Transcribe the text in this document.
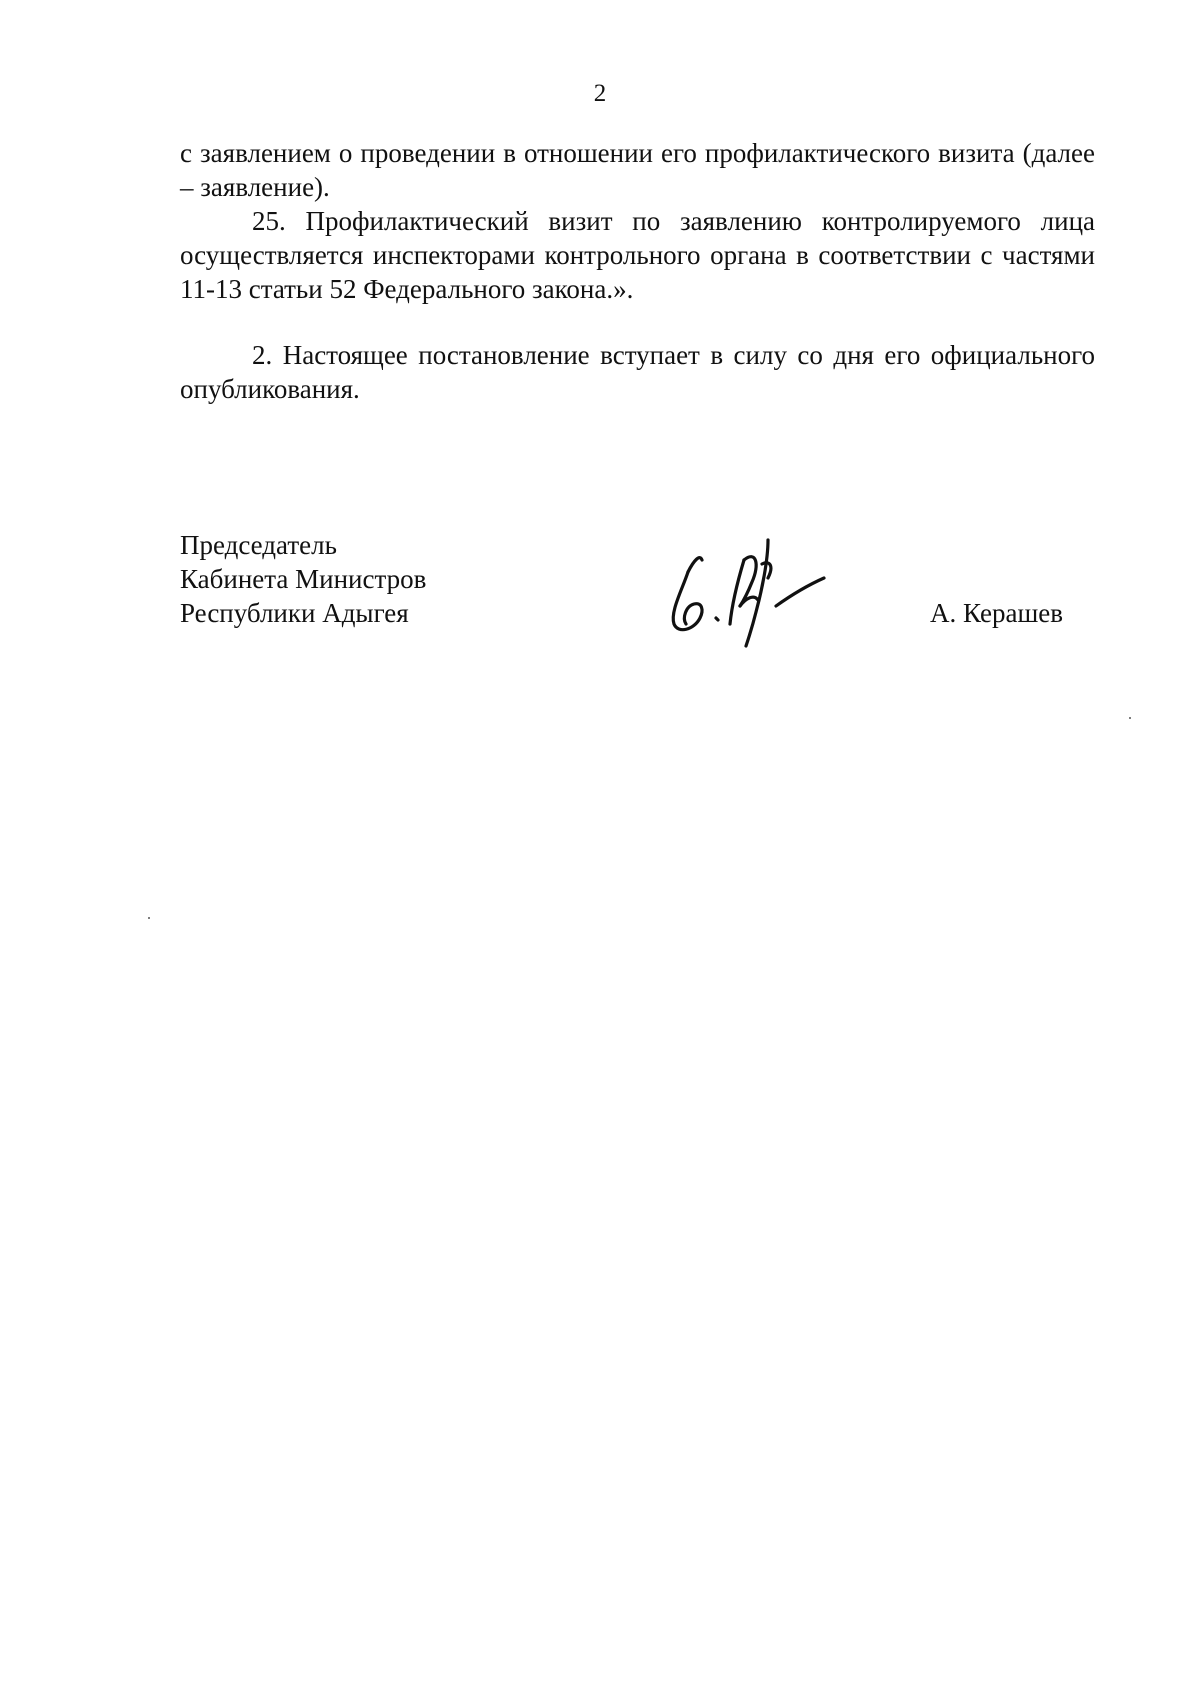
2

с заявлением о проведении в отношении его профилактического визита (далее – заявление).

25. Профилактический визит по заявлению контролируемого лица осуществляется инспекторами контрольного органа в соответствии с частями 11-13 статьи 52 Федерального закона.».

2. Настоящее постановление вступает в силу со дня его официального опубликования.

Председатель
Кабинета Министров
Республики Адыгея	А. Керашев
